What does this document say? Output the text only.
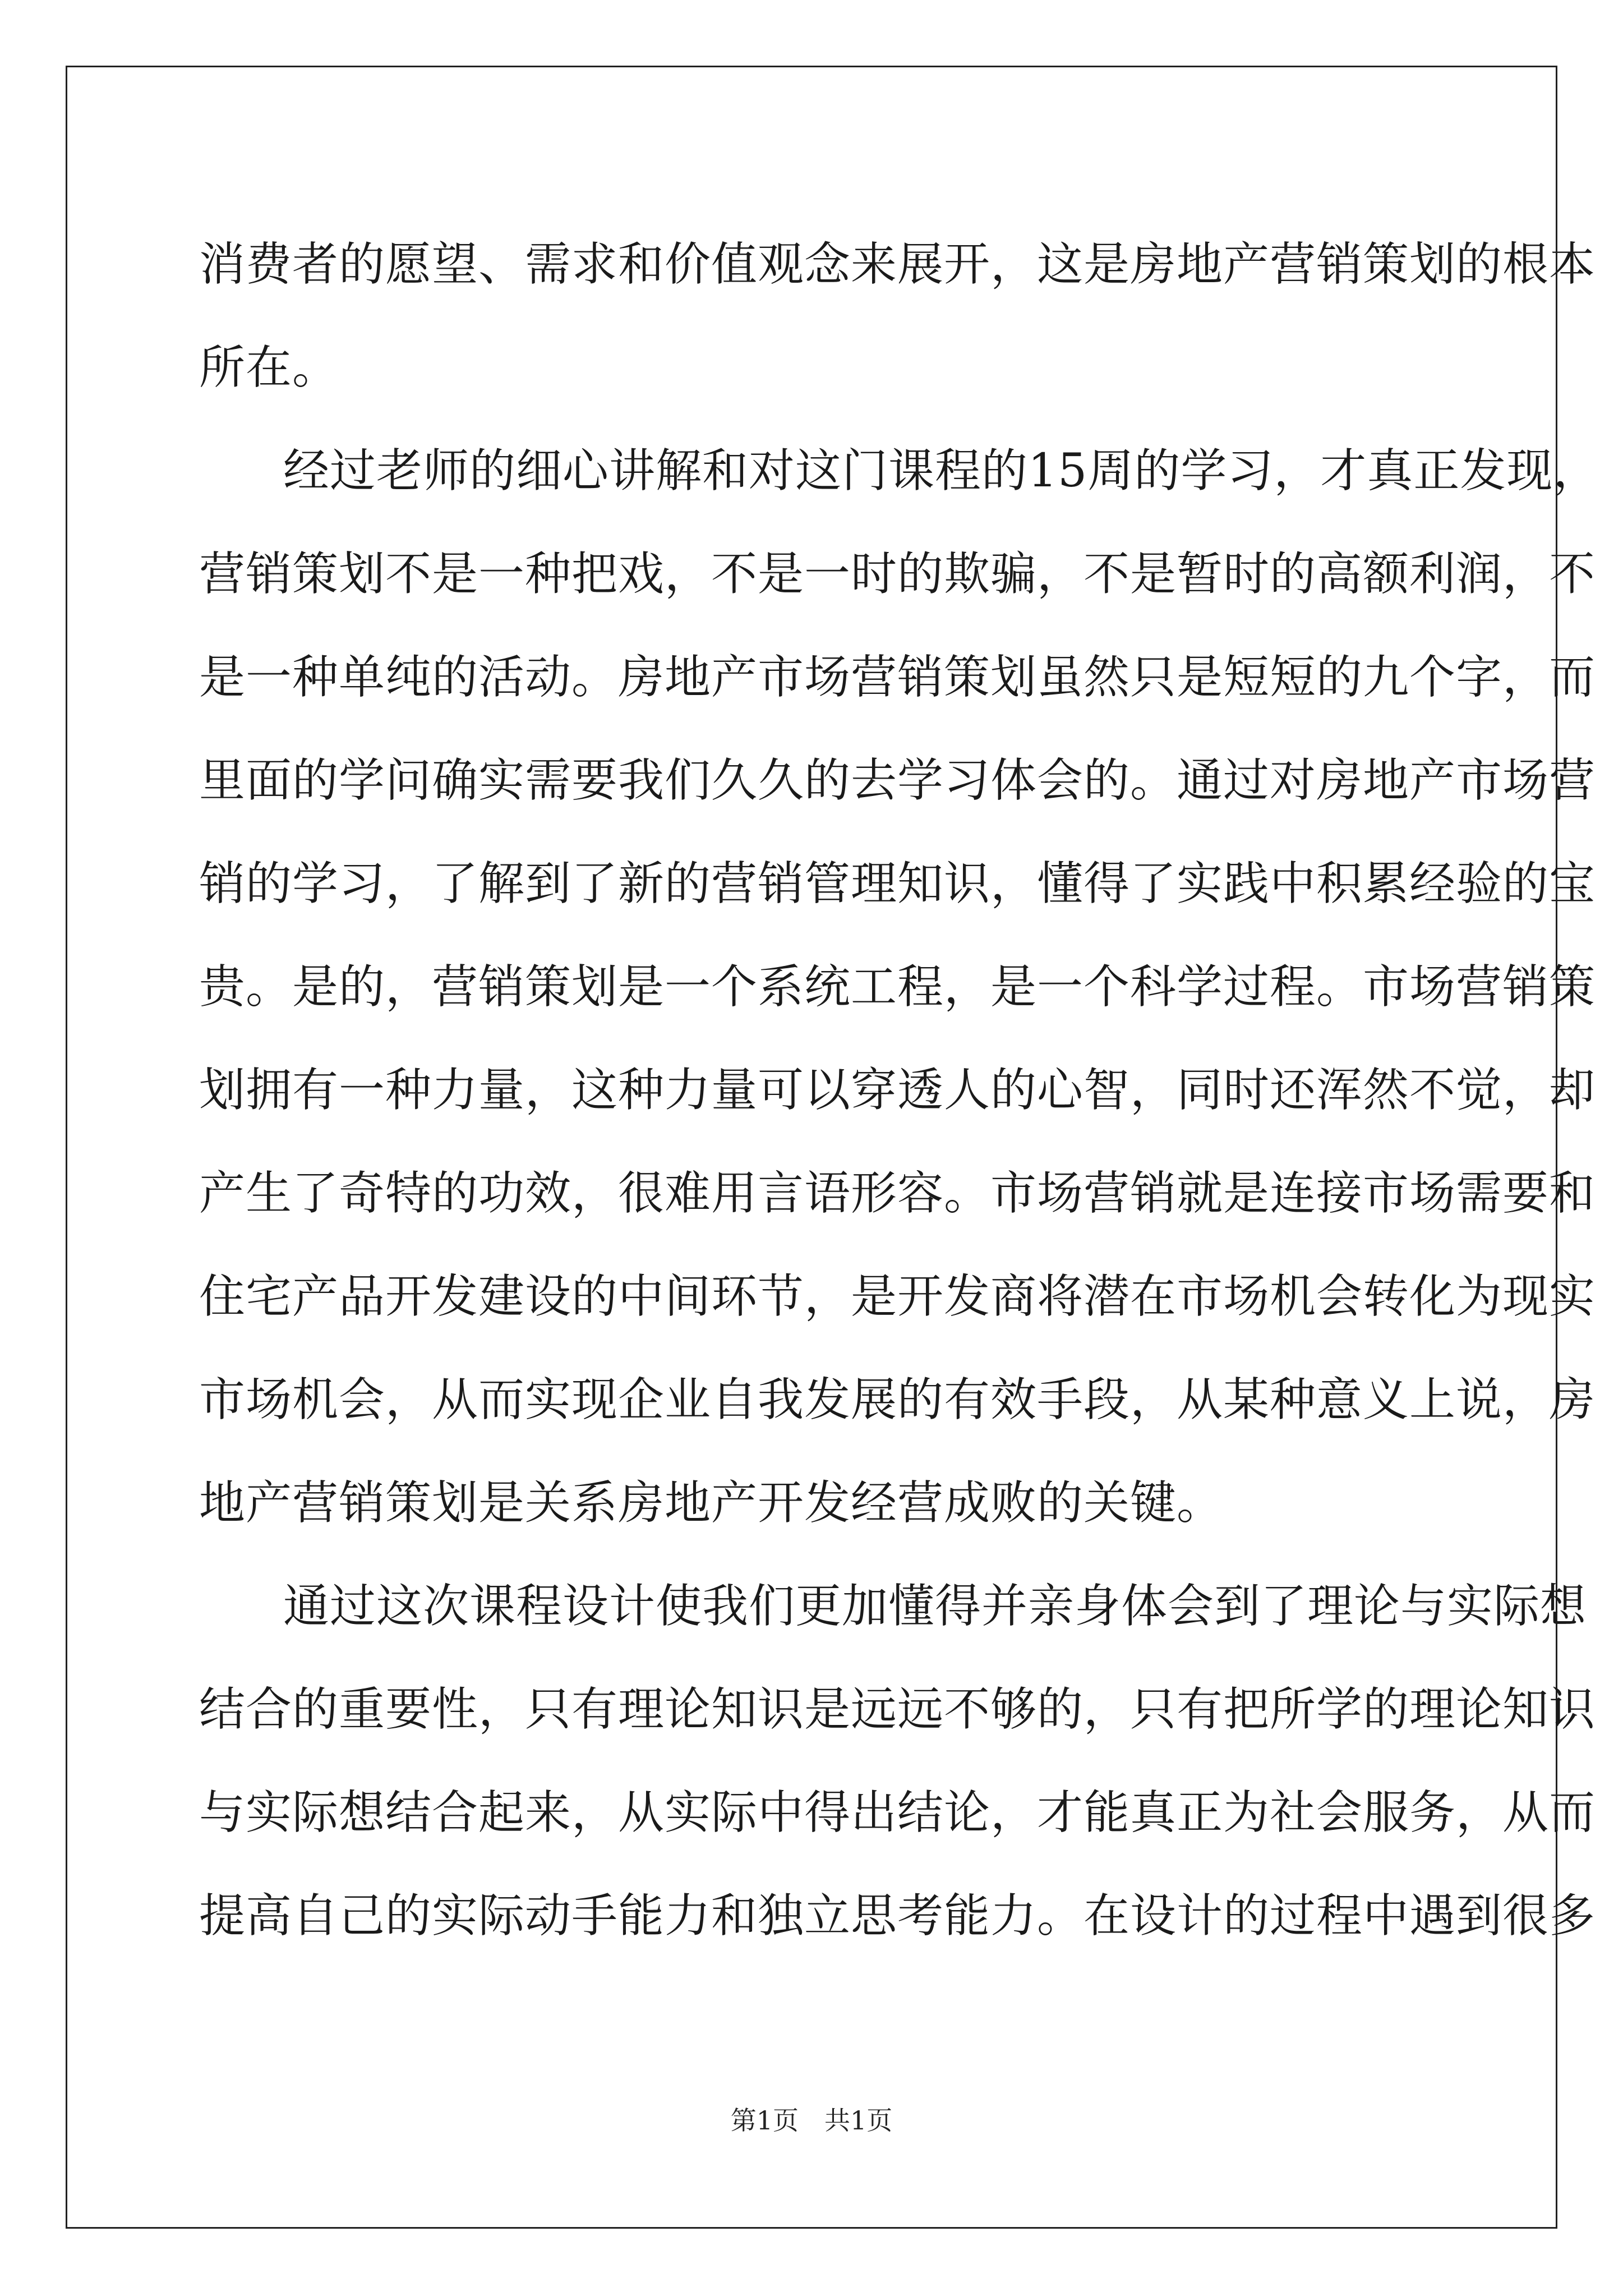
消费者的愿望、需求和价值观念来展开，这是房地产营销策划的根本
所在。
经过老师的细心讲解和对这门课程的15周的学习，才真正发现，
营销策划不是一种把戏，不是一时的欺骗，不是暂时的高额利润，不
是一种单纯的活动。房地产市场营销策划虽然只是短短的九个字，而
里面的学问确实需要我们久久的去学习体会的。通过对房地产市场营
销的学习，了解到了新的营销管理知识，懂得了实践中积累经验的宝
贵。是的，营销策划是一个系统工程，是一个科学过程。市场营销策
划拥有一种力量，这种力量可以穿透人的心智，同时还浑然不觉，却
产生了奇特的功效，很难用言语形容。市场营销就是连接市场需要和
住宅产品开发建设的中间环节，是开发商将潜在市场机会转化为现实
市场机会，从而实现企业自我发展的有效手段，从某种意义上说，房
地产营销策划是关系房地产开发经营成败的关键。
通过这次课程设计使我们更加懂得并亲身体会到了理论与实际想
结合的重要性，只有理论知识是远远不够的，只有把所学的理论知识
与实际想结合起来，从实际中得出结论，才能真正为社会服务，从而
提高自己的实际动手能力和独立思考能力。在设计的过程中遇到很多
第1页　共1页
